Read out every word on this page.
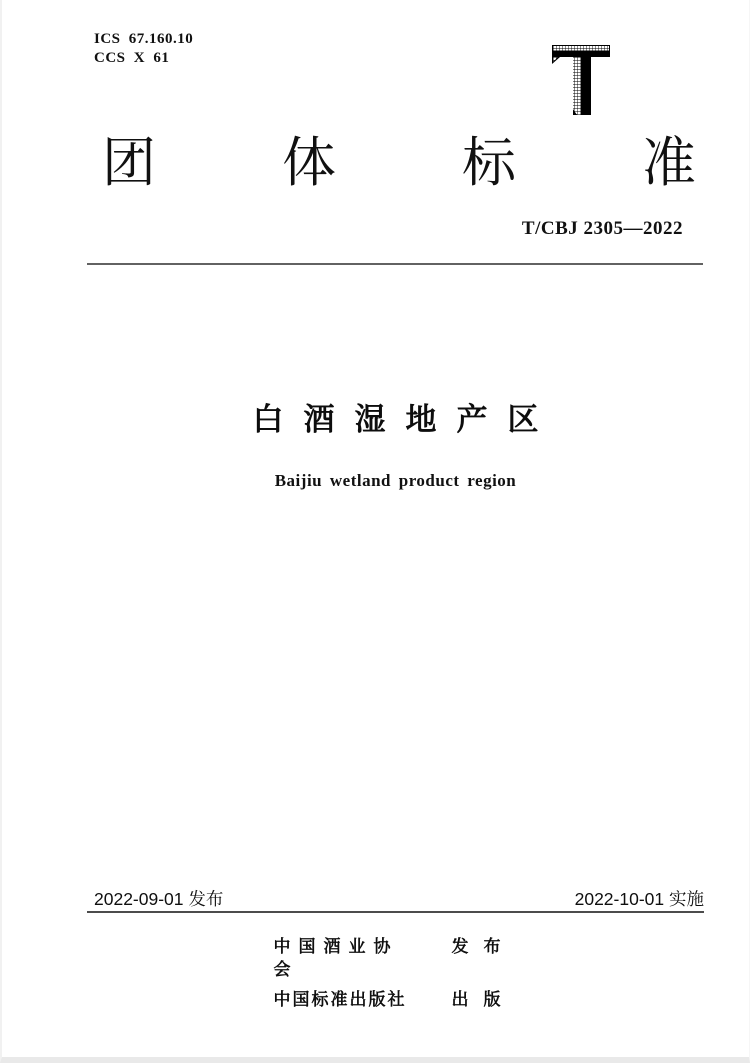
ICS 67.160.10
CCS X 61
团 体 标 准
T/CBJ 2305—2022
白酒湿地产区
Baijiu wetland product region
2022-09-01 发布	2022-10-01 实施
中国酒业协会
发布
中国标准出版社	出版
